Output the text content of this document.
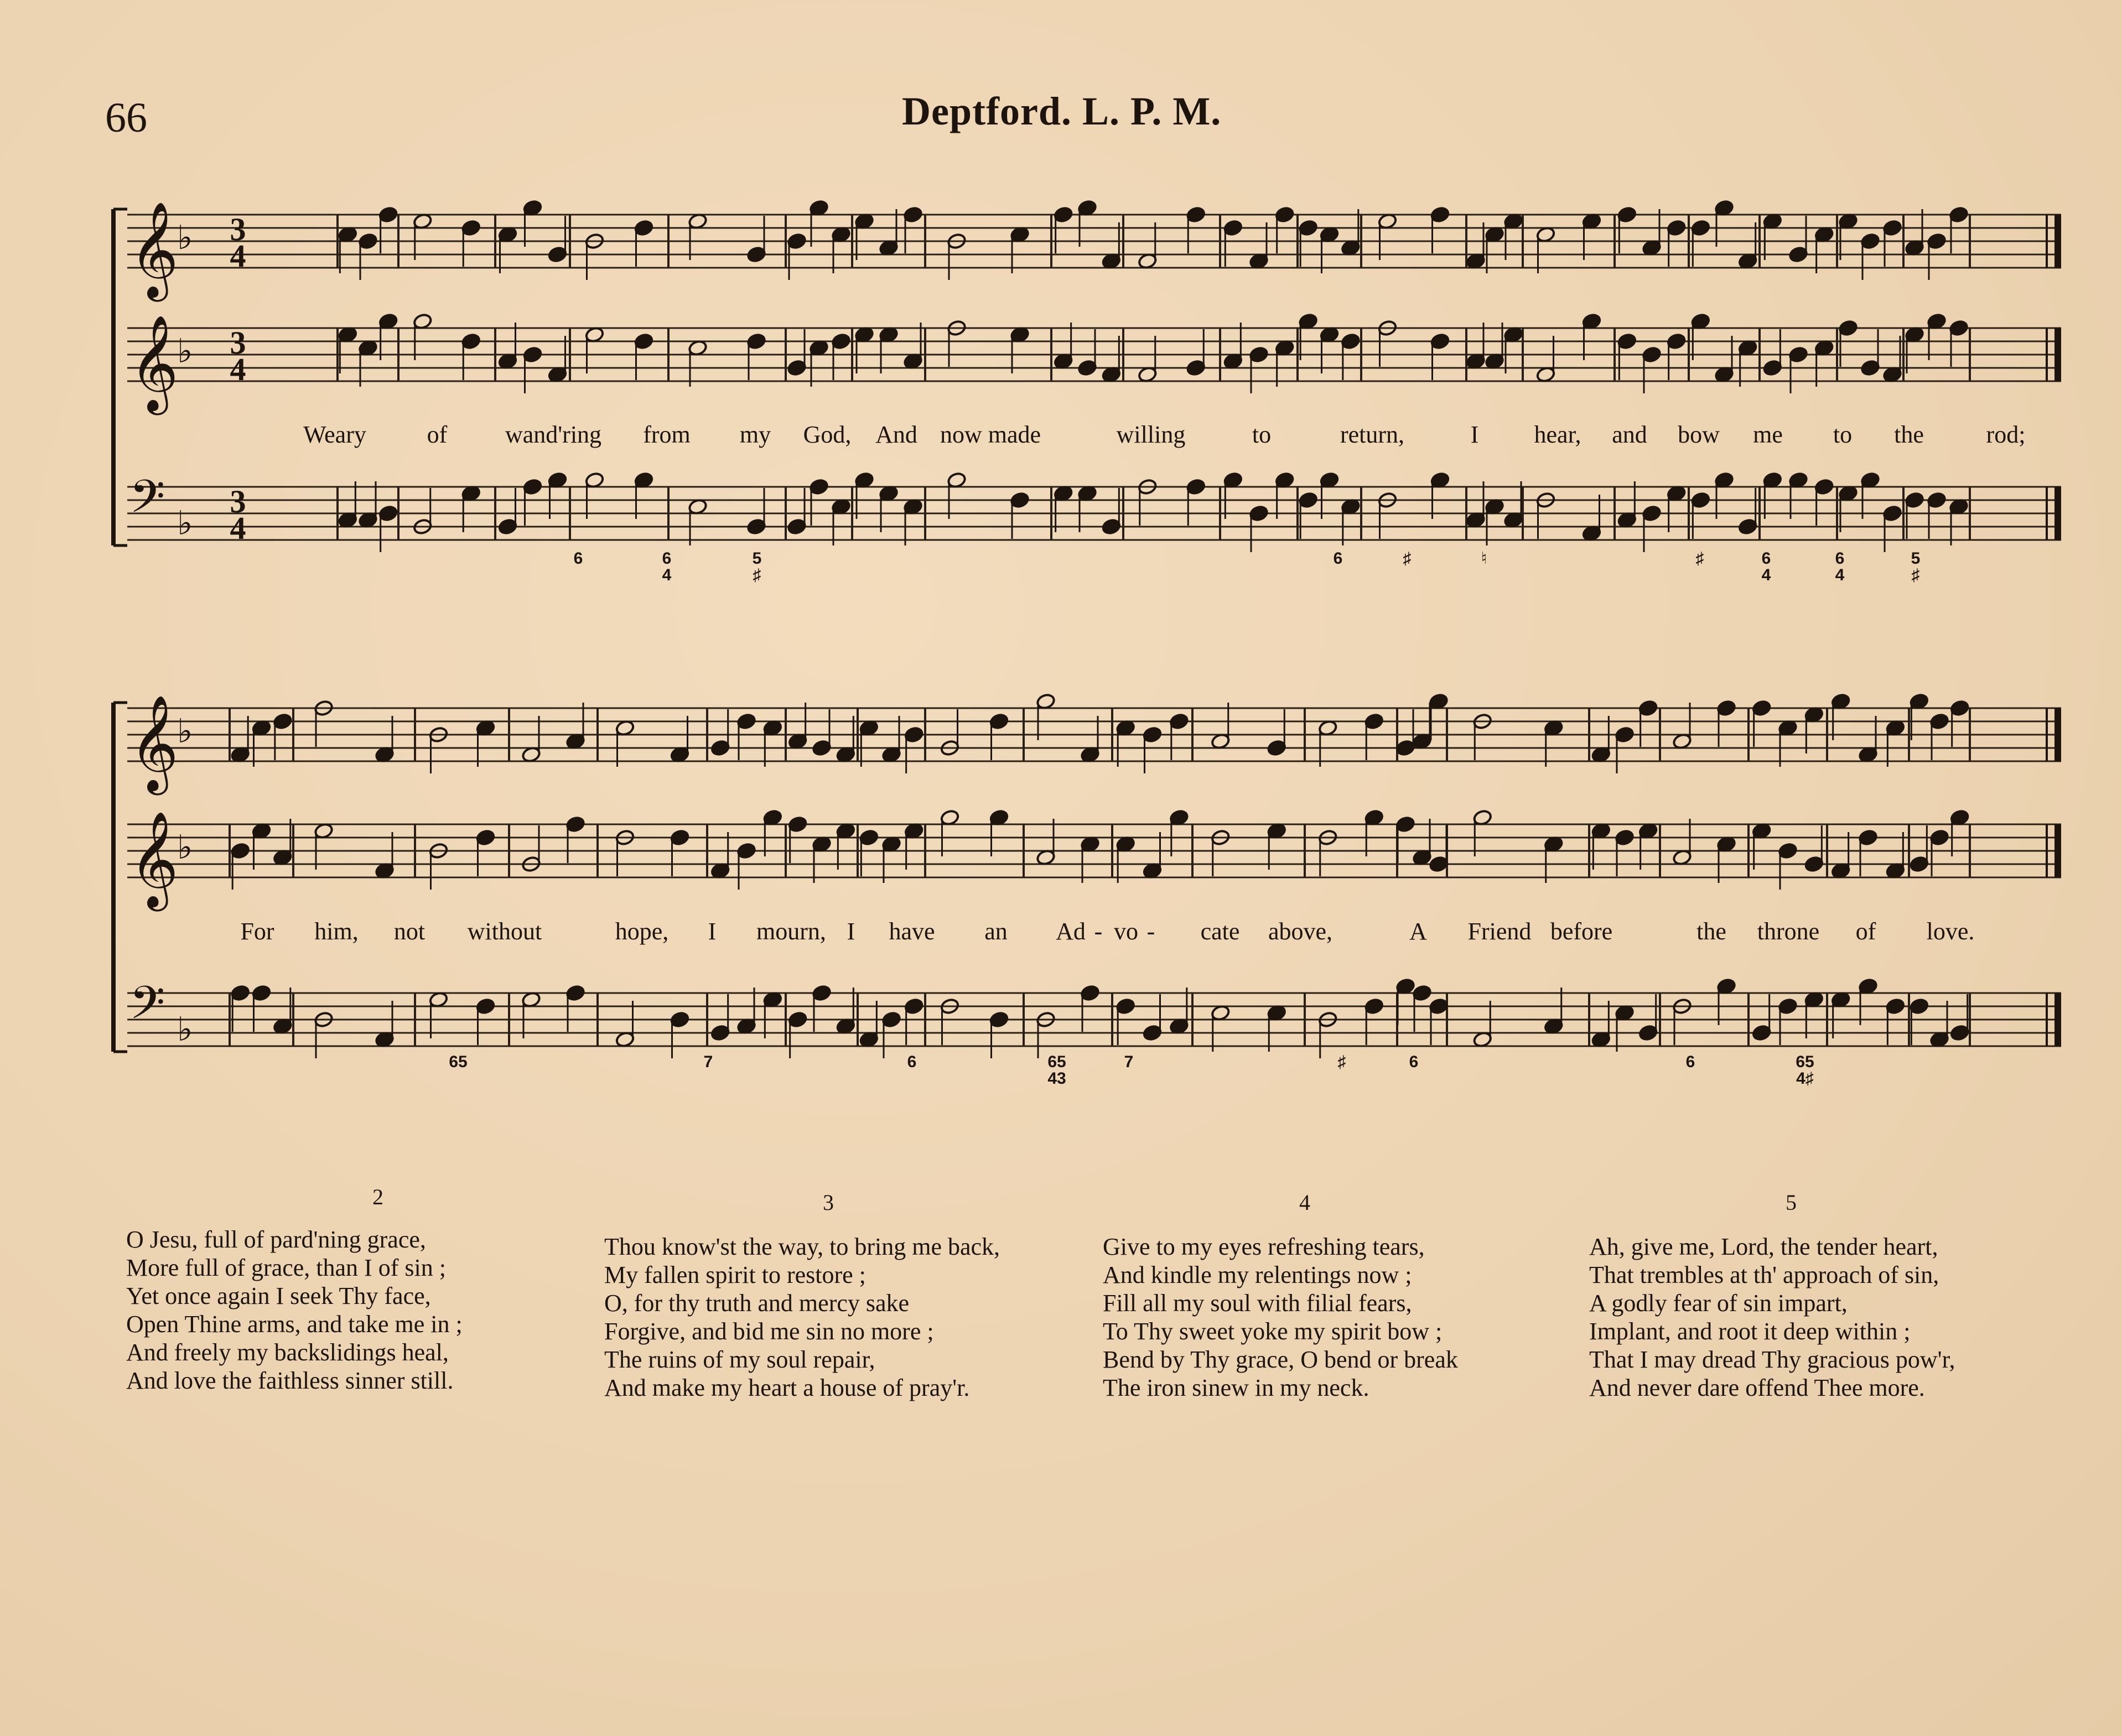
66	Deptford. L. P. M.
𝄞
♭ 3
4
𝄞
♭ 3
4
𝄢 ♭
3
4
𝄞
♭
𝄞
♭
𝄢 ♭
Weary of wand'ring from my God, And now made	willing	to	return,	I hear, and bow me to the	rod;
6	6
4
5
♯
6	♯	♮	♯	6
4
6
4
5
♯
For him, not without	hope, I mourn, I have an Ad - vo - cate above,	A Friend before	the throne of love.
65	7	6	65
43
7	♯	6	6	65
4♯
2
O Jesu, full of pard'ning grace,
More full of grace, than I of sin ;
Yet once again I seek Thy face,
Open Thine arms, and take me in ;
And freely my backslidings heal,
And love the faithless sinner still.
3
Thou know'st the way, to bring me back,
My fallen spirit to restore ;
O, for thy truth and mercy sake
Forgive, and bid me sin no more ;
The ruins of my soul repair,
And make my heart a house of pray'r.
4
Give to my eyes refreshing tears,
And kindle my relentings now ;
Fill all my soul with filial fears,
To Thy sweet yoke my spirit bow ;
Bend by Thy grace, O bend or break
The iron sinew in my neck.
5
Ah, give me, Lord, the tender heart,
That trembles at th' approach of sin,
A godly fear of sin impart,
Implant, and root it deep within ;
That I may dread Thy gracious pow'r,
And never dare offend Thee more.
